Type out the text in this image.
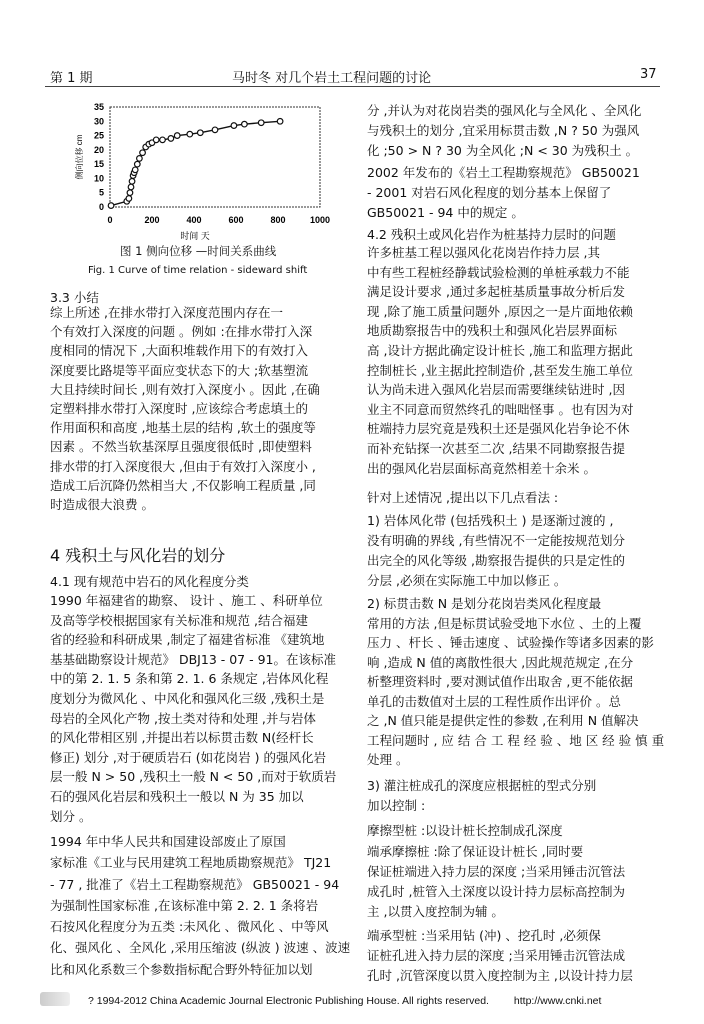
第 1 期	马时冬 对几个岩土工程问题的讨论	37
0
5
10
15
20
25
30
35
0	200	400	600	800	1000
时间 天
侧向位移 cm
图 1 侧向位移 —时间关系曲线
Fig. 1 Curve of time relation - sideward shift
3.3 小结
综上所述 ,在排水带打入深度范围内存在一
个有效打入深度的问题 。例如 :在排水带打入深
度相同的情况下 ,大面积堆载作用下的有效打入
深度要比路堤等平面应变状态下的大 ;软基塑流
大且持续时间长 ,则有效打入深度小 。因此 ,在确
定塑料排水带打入深度时 ,应该综合考虑填土的
作用面积和高度 ,地基土层的结构 ,软土的强度等
因素 。不然当软基深厚且强度很低时 ,即使塑料
排水带的打入深度很大 ,但由于有效打入深度小 ,
造成工后沉降仍然相当大 ,不仅影响工程质量 ,同
时造成很大浪费 。
4 残积土与风化岩的划分
4.1 现有规范中岩石的风化程度分类
1990 年福建省的勘察、 设计 、施工 、科研单位
及高等学校根据国家有关标准和规范 ,结合福建
省的经验和科研成果 ,制定了福建省标准 《建筑地
基基础勘察设计规范》 DBJ13 - 07 - 91。在该标准
中的第 2. 1. 5 条和第 2. 1. 6 条规定 ,岩体风化程
度划分为微风化 、中风化和强风化三级 ,残积土是
母岩的全风化产物 ,按土类对待和处理 ,并与岩体
的风化带相区别 ,并提出若以标贯击数 N(经杆长
修正) 划分 ,对于硬质岩石 (如花岗岩 ) 的强风化岩
层一般 N > 50 ,残积土一般 N < 50 ,而对于软质岩
石的强风化岩层和残积土一般以 N 为 35 加以
划分 。
1994 年中华人民共和国建设部废止了原国
家标准《工业与民用建筑工程地质勘察规范》 TJ21
- 77 , 批准了《岩土工程勘察规范》 GB50021 - 94
为强制性国家标准 ,在该标准中第 2. 2. 1 条将岩
石按风化程度分为五类 :未风化 、微风化 、中等风
化、强风化 、全风化 ,采用压缩波 (纵波 ) 波速 、波速
比和风化系数三个参数指标配合野外特征加以划
分 ,并认为对花岗岩类的强风化与全风化 、全风化
与残积土的划分 ,宜采用标贯击数 ,N ? 50 为强风
化 ;50 > N ? 30 为全风化 ;N < 30 为残积土 。
2002 年发布的《岩土工程勘察规范》 GB50021
- 2001 对岩石风化程度的划分基本上保留了
GB50021 - 94 中的规定 。
4.2 残积土或风化岩作为桩基持力层时的问题
许多桩基工程以强风化花岗岩作持力层 ,其
中有些工程桩经静载试验检测的单桩承载力不能
满足设计要求 ,通过多起桩基质量事故分析后发
现 ,除了施工质量问题外 ,原因之一是片面地依赖
地质勘察报告中的残积土和强风化岩层界面标
高 ,设计方据此确定设计桩长 ,施工和监理方据此
控制桩长 ,业主据此控制造价 ,甚至发生施工单位
认为尚未进入强风化岩层而需要继续钻进时 ,因
业主不同意而贸然终孔的咄咄怪事 。也有因为对
桩端持力层究竟是残积土还是强风化岩争论不休
而补充钻探一次甚至二次 ,结果不同勘察报告提
出的强风化岩层面标高竟然相差十余米 。
针对上述情况 ,提出以下几点看法 :
1) 岩体风化带 (包括残积土 ) 是逐渐过渡的 ,
没有明确的界线 ,有些情况不一定能按规范划分
出完全的风化等级 ,勘察报告提供的只是定性的
分层 ,必须在实际施工中加以修正 。
2) 标贯击数 N 是划分花岗岩类风化程度最
常用的方法 ,但是标贯试验受地下水位 、土的上覆
压力 、杆长 、锤击速度 、试验操作等诸多因素的影
响 ,造成 N 值的离散性很大 ,因此规范规定 ,在分
析整理资料时 ,要对测试值作出取舍 ,更不能依据
单孔的击数值对土层的工程性质作出评价 。总
之 ,N 值只能是提供定性的参数 ,在利用 N 值解决
工程问题时 , 应 结 合 工 程 经 验 、地 区 经 验 慎 重
处理 。
3) 灌注桩成孔的深度应根据桩的型式分别
加以控制 :
摩擦型桩 :以设计桩长控制成孔深度
端承摩擦桩 :除了保证设计桩长 ,同时要
保证桩端进入持力层的深度 ;当采用锤击沉管法
成孔时 ,桩管入土深度以设计持力层标高控制为
主 ,以贯入度控制为辅 。
端承型桩 :当采用钻 (冲) 、挖孔时 ,必须保
证桩孔进入持力层的深度 ;当采用锤击沉管法成
孔时 ,沉管深度以贯入度控制为主 ,以设计持力层
? 1994-2012 China Academic Journal Electronic Publishing House. All rights reserved. http://www.cnki.net
